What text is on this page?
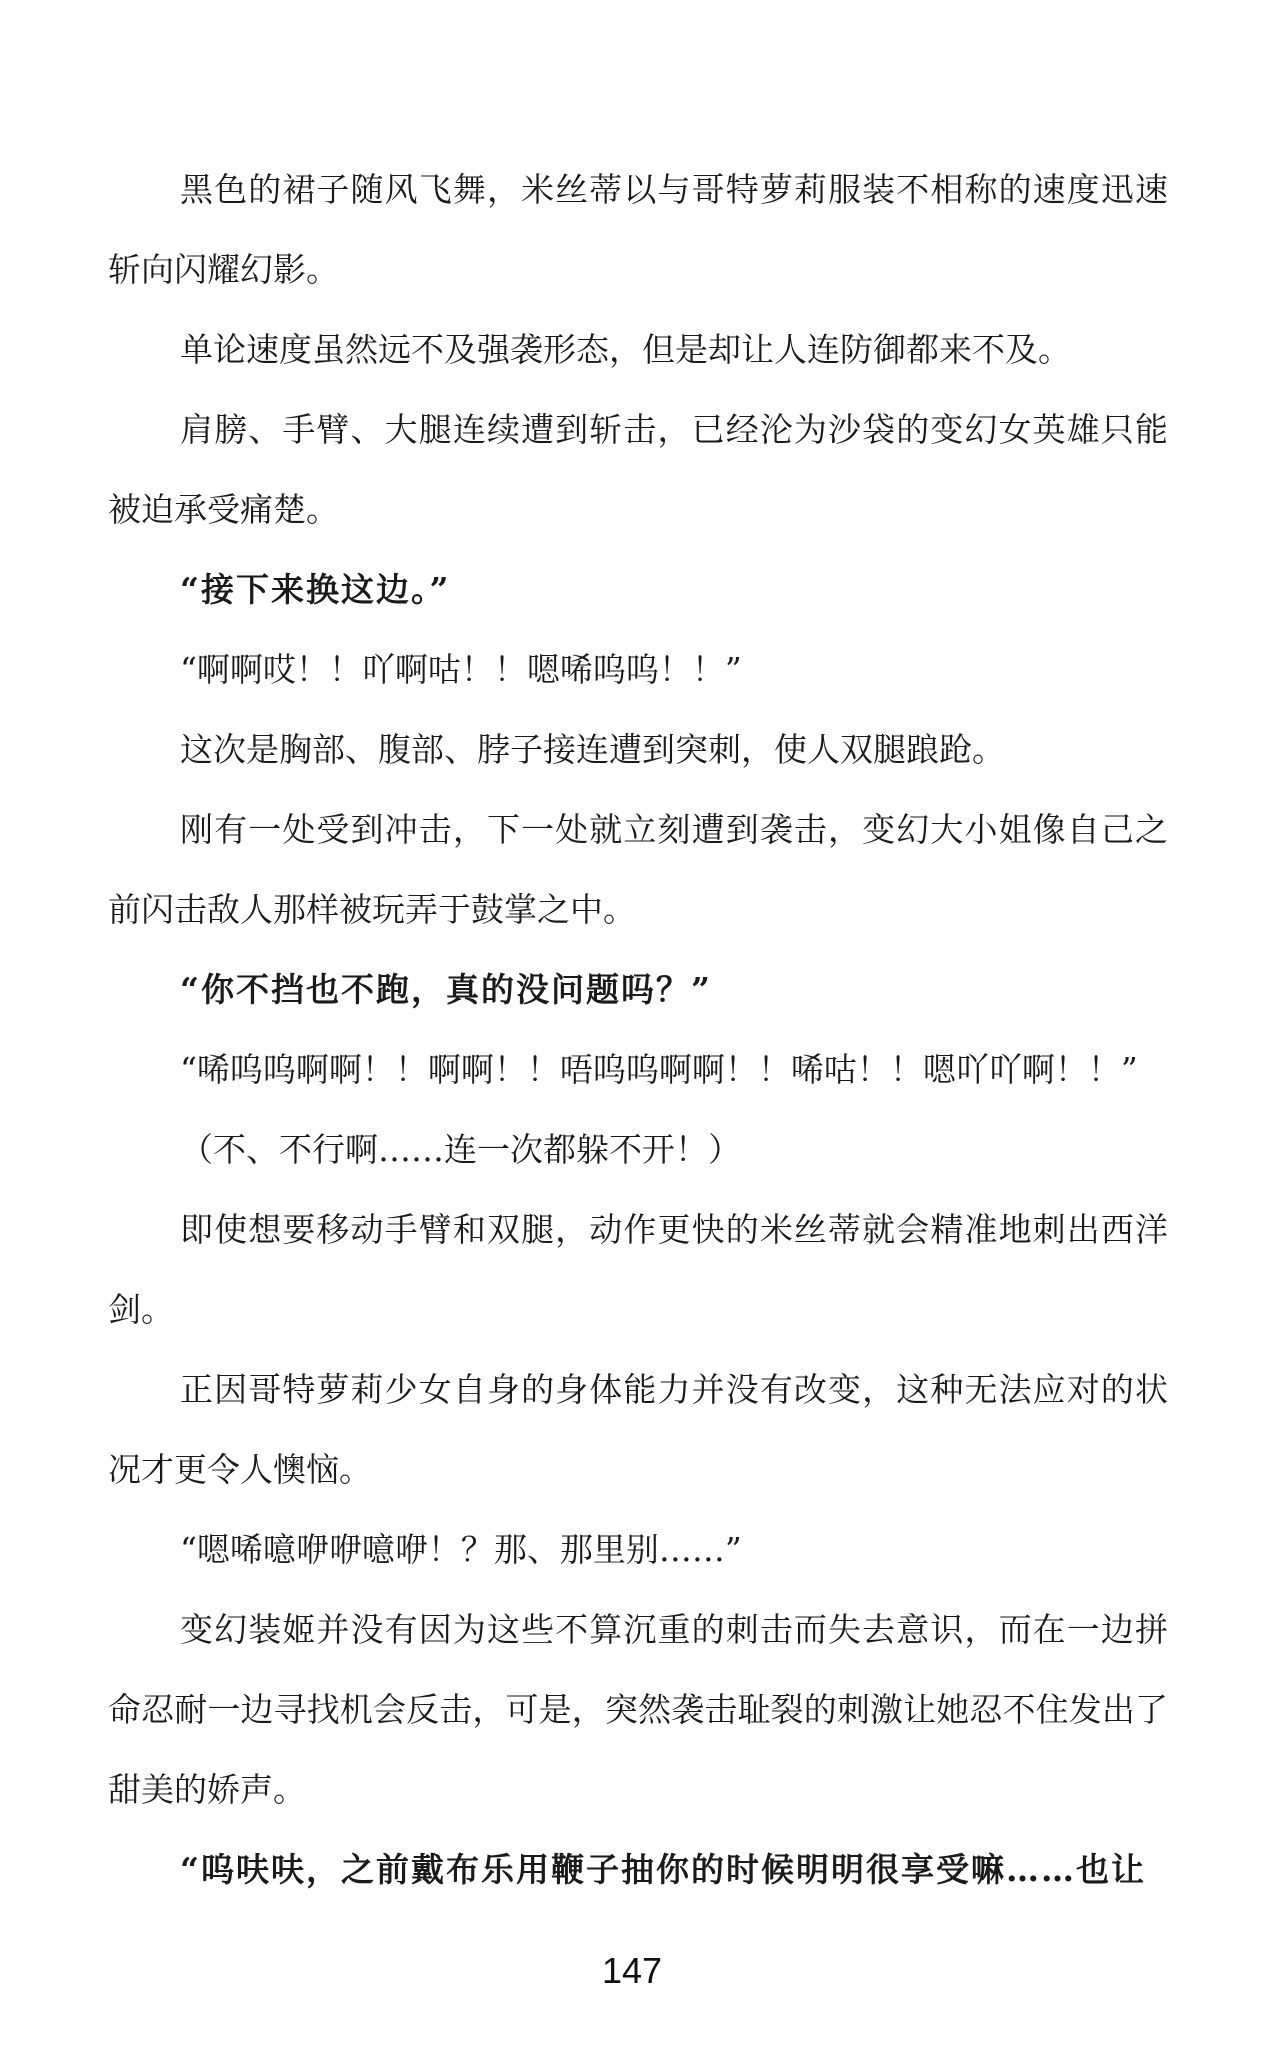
黑色的裙子随风飞舞，米丝蒂以与哥特萝莉服装不相称的速度迅速斩向闪耀幻影。

单论速度虽然远不及强袭形态，但是却让人连防御都来不及。

肩膀、手臂、大腿连续遭到斩击，已经沦为沙袋的变幻女英雄只能被迫承受痛楚。

“接下来换这边。”

“啊啊哎！！吖啊咕！！嗯唏呜呜！！”

这次是胸部、腹部、脖子接连遭到突刺，使人双腿踉跄。

刚有一处受到冲击，下一处就立刻遭到袭击，变幻大小姐像自己之前闪击敌人那样被玩弄于鼓掌之中。

“你不挡也不跑，真的没问题吗？”

“唏呜呜啊啊！！啊啊！！唔呜呜啊啊！！唏咕！！嗯吖吖啊！！”

（不、不行啊……连一次都躲不开！）

即使想要移动手臂和双腿，动作更快的米丝蒂就会精准地刺出西洋剑。

正因哥特萝莉少女自身的身体能力并没有改变，这种无法应对的状况才更令人懊恼。

“嗯唏噫咿咿噫咿！？那、那里别……”

变幻装姬并没有因为这些不算沉重的刺击而失去意识，而在一边拼命忍耐一边寻找机会反击，可是，突然袭击耻裂的刺激让她忍不住发出了甜美的娇声。

“呜呋呋，之前戴布乐用鞭子抽你的时候明明很享受嘛……也让

147
